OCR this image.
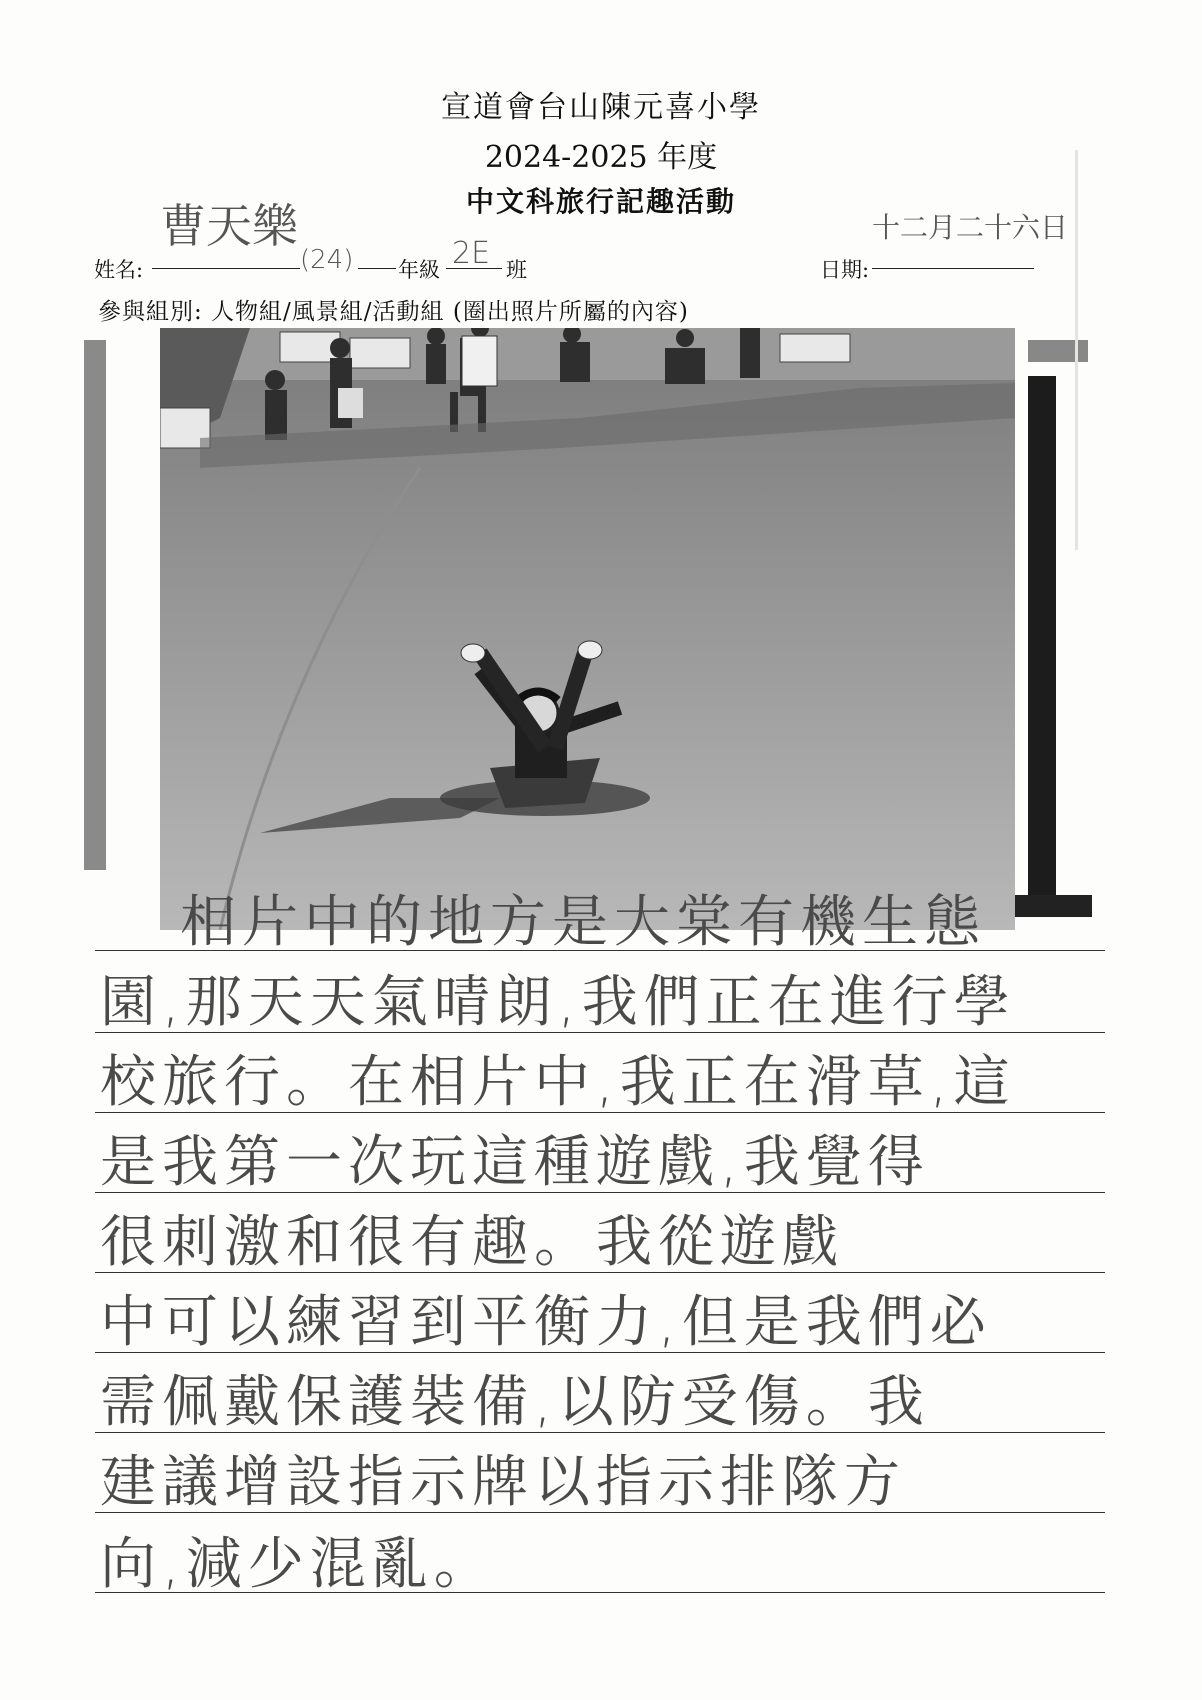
宣道會台山陳元喜小學
2024-2025 年度
中文科旅行記趣活動
姓名:
曹天樂
(24) 年級 2E 班	日期:
十二月二十六日
參與組別: 人物組/風景組/活動組 (圈出照片所屬的內容)
相片中的地方是大棠有機生態
園,那天天氣晴朗,我們正在進行學
校旅行。在相片中,我正在滑草,這
是我第一次玩這種遊戲,我覺得
很刺激和很有趣。我從遊戲
中可以練習到平衡力,但是我們必
需佩戴保護裝備,以防受傷。我
建議增設指示牌以指示排隊方
向,減少混亂。
